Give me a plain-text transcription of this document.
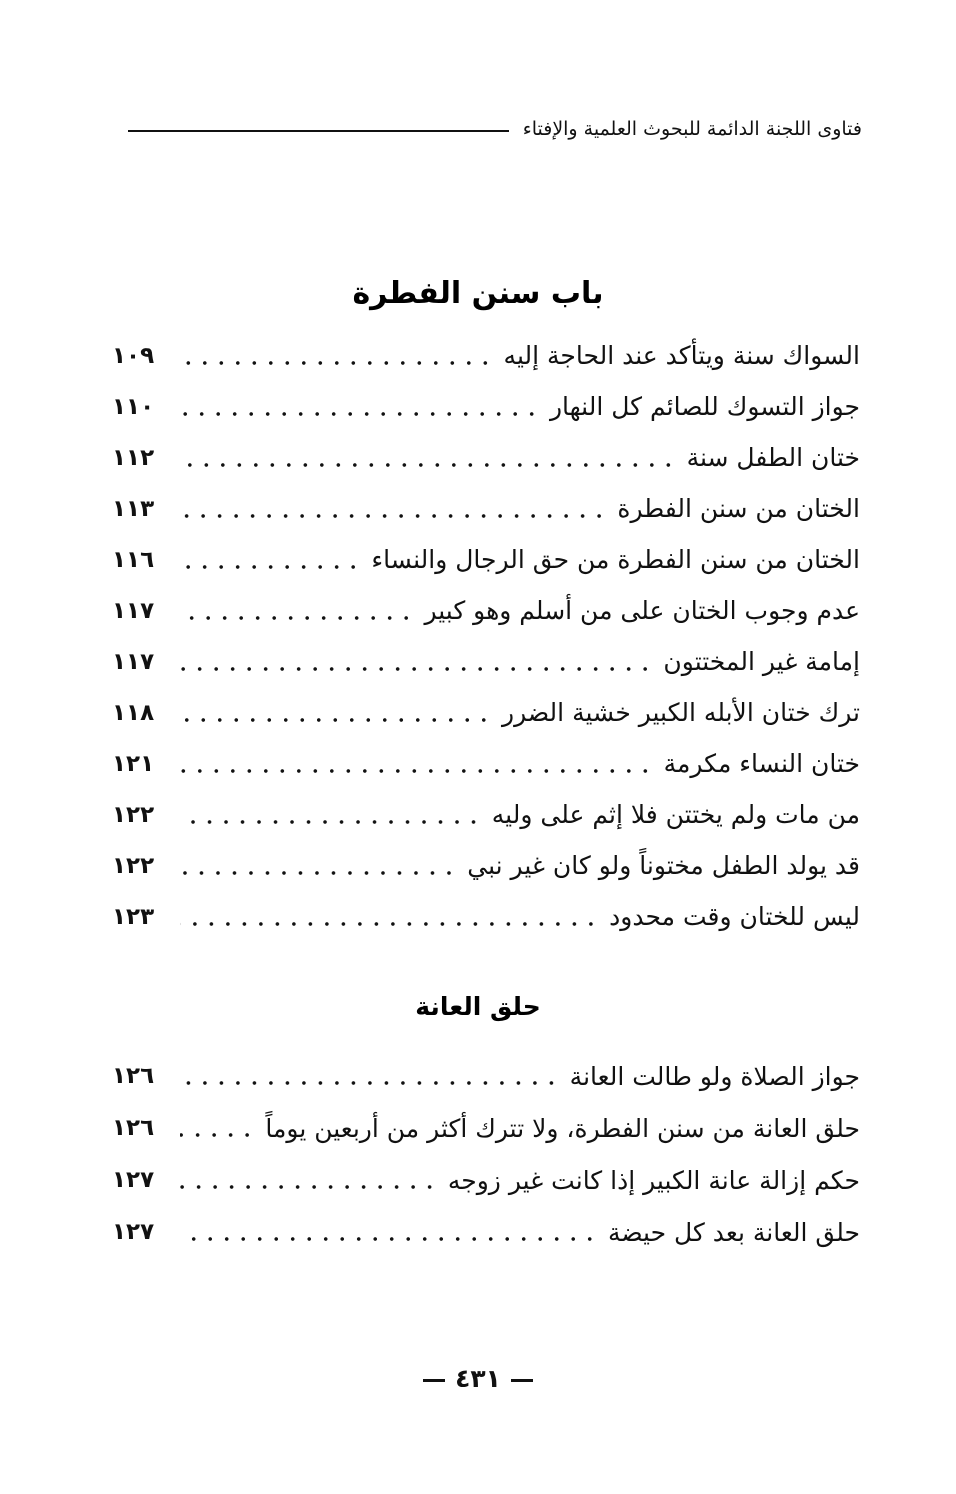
فتاوى اللجنة الدائمة للبحوث العلمية والإفتاء
باب سنن الفطرة
السواك سنة ويتأكد عند الحاجة إليه
١٠٩
جواز التسوك للصائم كل النهار
١١٠
ختان الطفل سنة
١١٢
الختان من سنن الفطرة
١١٣
الختان من سنن الفطرة من حق الرجال والنساء
١١٦
عدم وجوب الختان على من أسلم وهو كبير
١١٧
إمامة غير المختتون
١١٧
ترك ختان الأبله الكبير خشية الضرر
١١٨
ختان النساء مكرمة
١٢١
من مات ولم يختتن فلا إثم على وليه
١٢٢
قد يولد الطفل مختوناً ولو كان غير نبي
١٢٢
ليس للختان وقت محدود
١٢٣
حلق العانة
جواز الصلاة ولو طالت العانة
١٢٦
حلق العانة من سنن الفطرة، ولا تترك أكثر من أربعين يوماً
١٢٦
حكم إزالة عانة الكبير إذا كانت غير زوجه
١٢٧
حلق العانة بعد كل حيضة
١٢٧
٤٣١
